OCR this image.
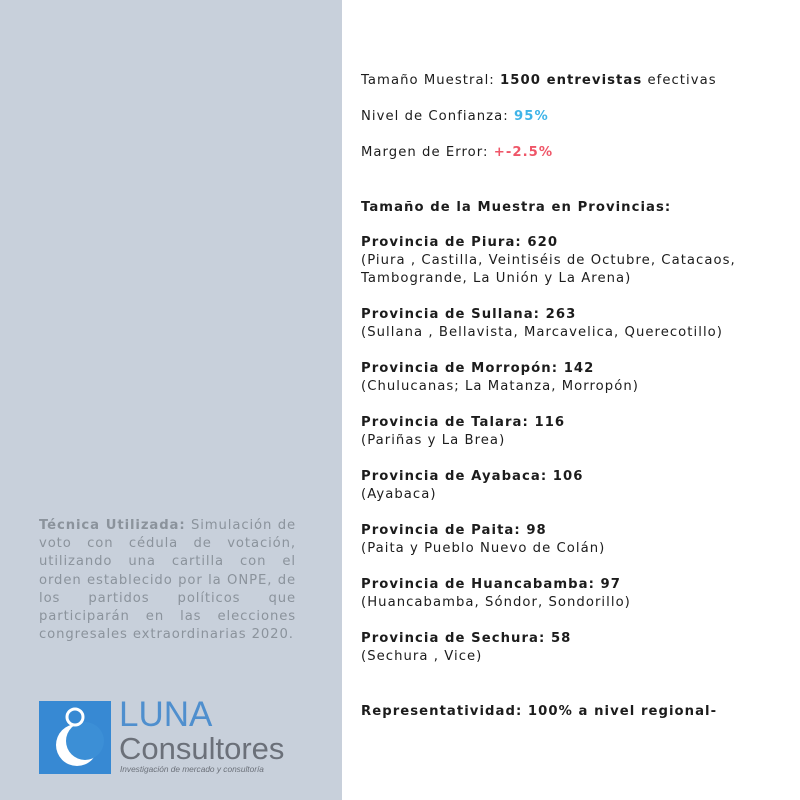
Técnica Utilizada: Simulación de voto con cédula de votación, utilizando una cartilla con el orden establecido por la ONPE, de los partidos políticos que participarán en las elecciones congresales extraordinarias 2020.
LUNA
Consultores
Investigación de mercado y consultoría
Tamaño Muestral: 1500 entrevistas efectivas
Nivel de Confianza: 95%
Margen de Error: +-2.5%
Tamaño de la Muestra en Provincias:
Provincia de Piura: 620
(Piura , Castilla, Veintiséis de Octubre, Catacaos,
Tambogrande, La Unión y La Arena)
Provincia de Sullana: 263
(Sullana , Bellavista, Marcavelica, Querecotillo)
Provincia de Morropón: 142
(Chulucanas; La Matanza, Morropón)
Provincia de Talara: 116
(Pariñas y La Brea)
Provincia de Ayabaca: 106
(Ayabaca)
Provincia de Paita: 98
(Paita y Pueblo Nuevo de Colán)
Provincia de Huancabamba: 97
(Huancabamba, Sóndor, Sondorillo)
Provincia de Sechura: 58
(Sechura , Vice)
Representatividad: 100% a nivel regional-
